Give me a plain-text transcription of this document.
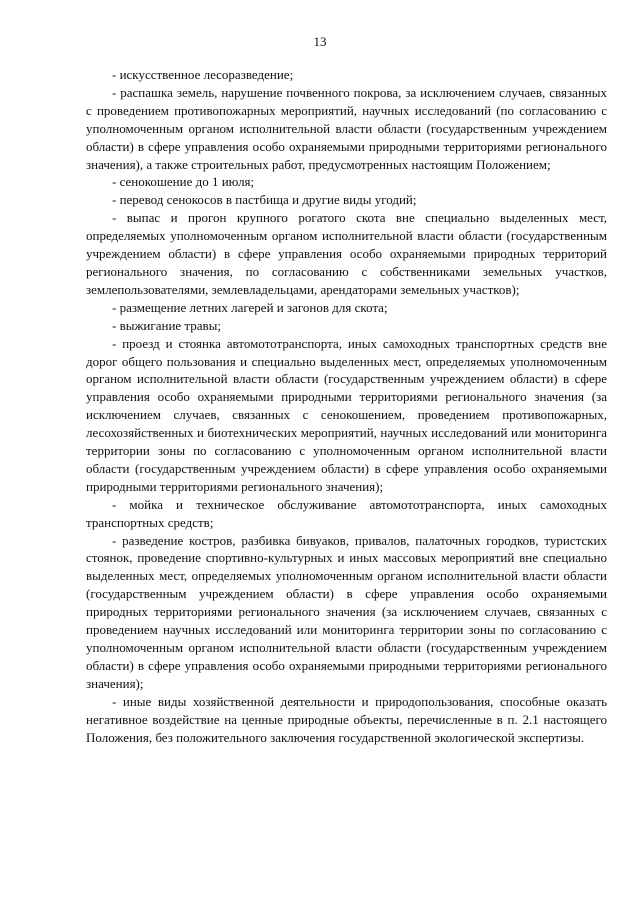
13

- искусственное лесоразведение;

- распашка земель, нарушение почвенного покрова, за исключением случаев, связанных с проведением противопожарных мероприятий, научных исследований (по согласованию с уполномоченным органом исполнительной власти области (государственным учреждением области) в сфере управления особо охраняемыми природными территориями регионального значения), а также строительных работ, предусмотренных настоящим Положением;

- сенокошение до 1 июля;

- перевод сенокосов в пастбища и другие виды угодий;

- выпас и прогон крупного рогатого скота вне специально выделенных мест, определяемых уполномоченным органом исполнительной власти области (государственным учреждением области) в сфере управления особо охраняемыми природных территорий регионального значения, по согласованию с собственниками земельных участков, землепользователями, землевладельцами, арендаторами земельных участков);

- размещение летних лагерей и загонов для скота;

- выжигание травы;

- проезд и стоянка автомототранспорта, иных самоходных транспортных средств вне дорог общего пользования и специально выделенных мест, определяемых уполномоченным органом исполнительной власти области (государственным учреждением области) в сфере управления особо охраняемыми природными территориями регионального значения (за исключением случаев, связанных с сенокошением, проведением противопожарных, лесохозяйственных и биотехнических мероприятий, научных исследований или мониторинга территории зоны по согласованию с уполномоченным органом исполнительной власти области (государственным учреждением области) в сфере управления особо охраняемыми природными территориями регионального значения);

- мойка и техническое обслуживание автомототранспорта, иных самоходных транспортных средств;

- разведение костров, разбивка бивуаков, привалов, палаточных городков, туристских стоянок, проведение спортивно-культурных и иных массовых мероприятий вне специально выделенных мест, определяемых уполномоченным органом исполнительной власти области (государственным учреждением области) в сфере управления особо охраняемыми природных территориями регионального значения (за исключением случаев, связанных с проведением научных исследований или мониторинга территории зоны по согласованию с уполномоченным органом исполнительной власти области (государственным учреждением области) в сфере управления особо охраняемыми природными территориями регионального значения);

- иные виды хозяйственной деятельности и природопользования, способные оказать негативное воздействие на ценные природные объекты, перечисленные в п. 2.1 настоящего Положения, без положительного заключения государственной экологической экспертизы.
